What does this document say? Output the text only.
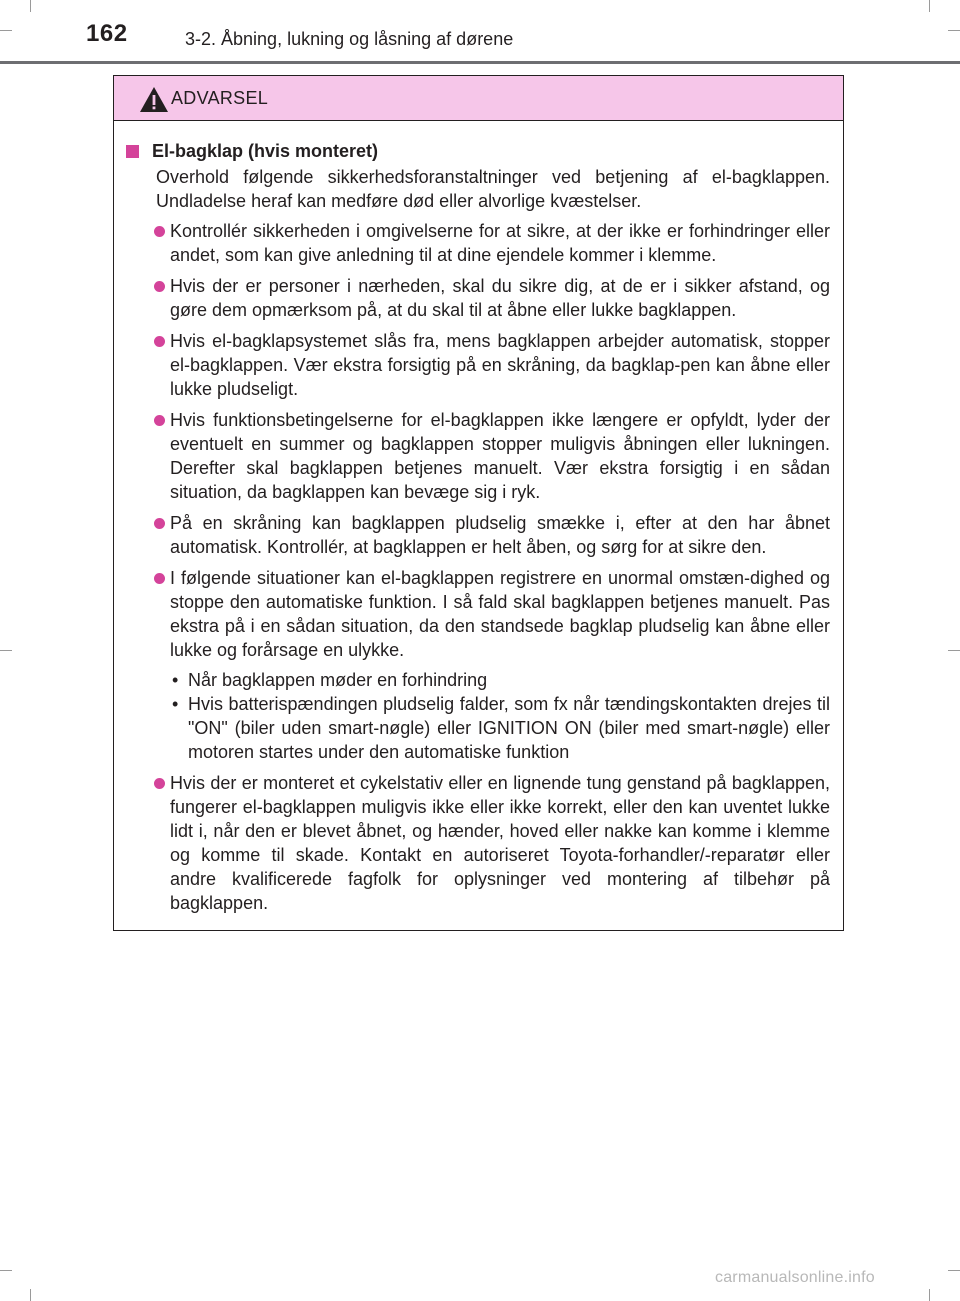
162	3-2. Åbning, lukning og låsning af dørene
ADVARSEL
El-bagklap (hvis monteret)
Overhold følgende sikkerhedsforanstaltninger ved betjening af el-bagklappen. Undladelse heraf kan medføre død eller alvorlige kvæstelser.
Kontrollér sikkerheden i omgivelserne for at sikre, at der ikke er forhindringer eller andet, som kan give anledning til at dine ejendele kommer i klemme.
Hvis der er personer i nærheden, skal du sikre dig, at de er i sikker afstand, og gøre dem opmærksom på, at du skal til at åbne eller lukke bagklappen.
Hvis el-bagklapsystemet slås fra, mens bagklappen arbejder automatisk, stopper el-bagklappen. Vær ekstra forsigtig på en skråning, da bagklap-pen kan åbne eller lukke pludseligt.
Hvis funktionsbetingelserne for el-bagklappen ikke længere er opfyldt, lyder der eventuelt en summer og bagklappen stopper muligvis åbningen eller lukningen. Derefter skal bagklappen betjenes manuelt. Vær ekstra forsigtig i en sådan situation, da bagklappen kan bevæge sig i ryk.
På en skråning kan bagklappen pludselig smække i, efter at den har åbnet automatisk. Kontrollér, at bagklappen er helt åben, og sørg for at sikre den.
I følgende situationer kan el-bagklappen registrere en unormal omstæn-dighed og stoppe den automatiske funktion. I så fald skal bagklappen betjenes manuelt. Pas ekstra på i en sådan situation, da den standsede bagklap pludselig kan åbne eller lukke og forårsage en ulykke.
• Når bagklappen møder en forhindring
• Hvis batterispændingen pludselig falder, som fx når tændingskontakten drejes til "ON" (biler uden smart-nøgle) eller IGNITION ON (biler med smart-nøgle) eller motoren startes under den automatiske funktion
Hvis der er monteret et cykelstativ eller en lignende tung genstand på bagklappen, fungerer el-bagklappen muligvis ikke eller ikke korrekt, eller den kan uventet lukke lidt i, når den er blevet åbnet, og hænder, hoved eller nakke kan komme i klemme og komme til skade. Kontakt en autoriseret Toyota-forhandler/-reparatør eller andre kvalificerede fagfolk for oplysninger ved montering af tilbehør på bagklappen.
carmanualsonline.info
